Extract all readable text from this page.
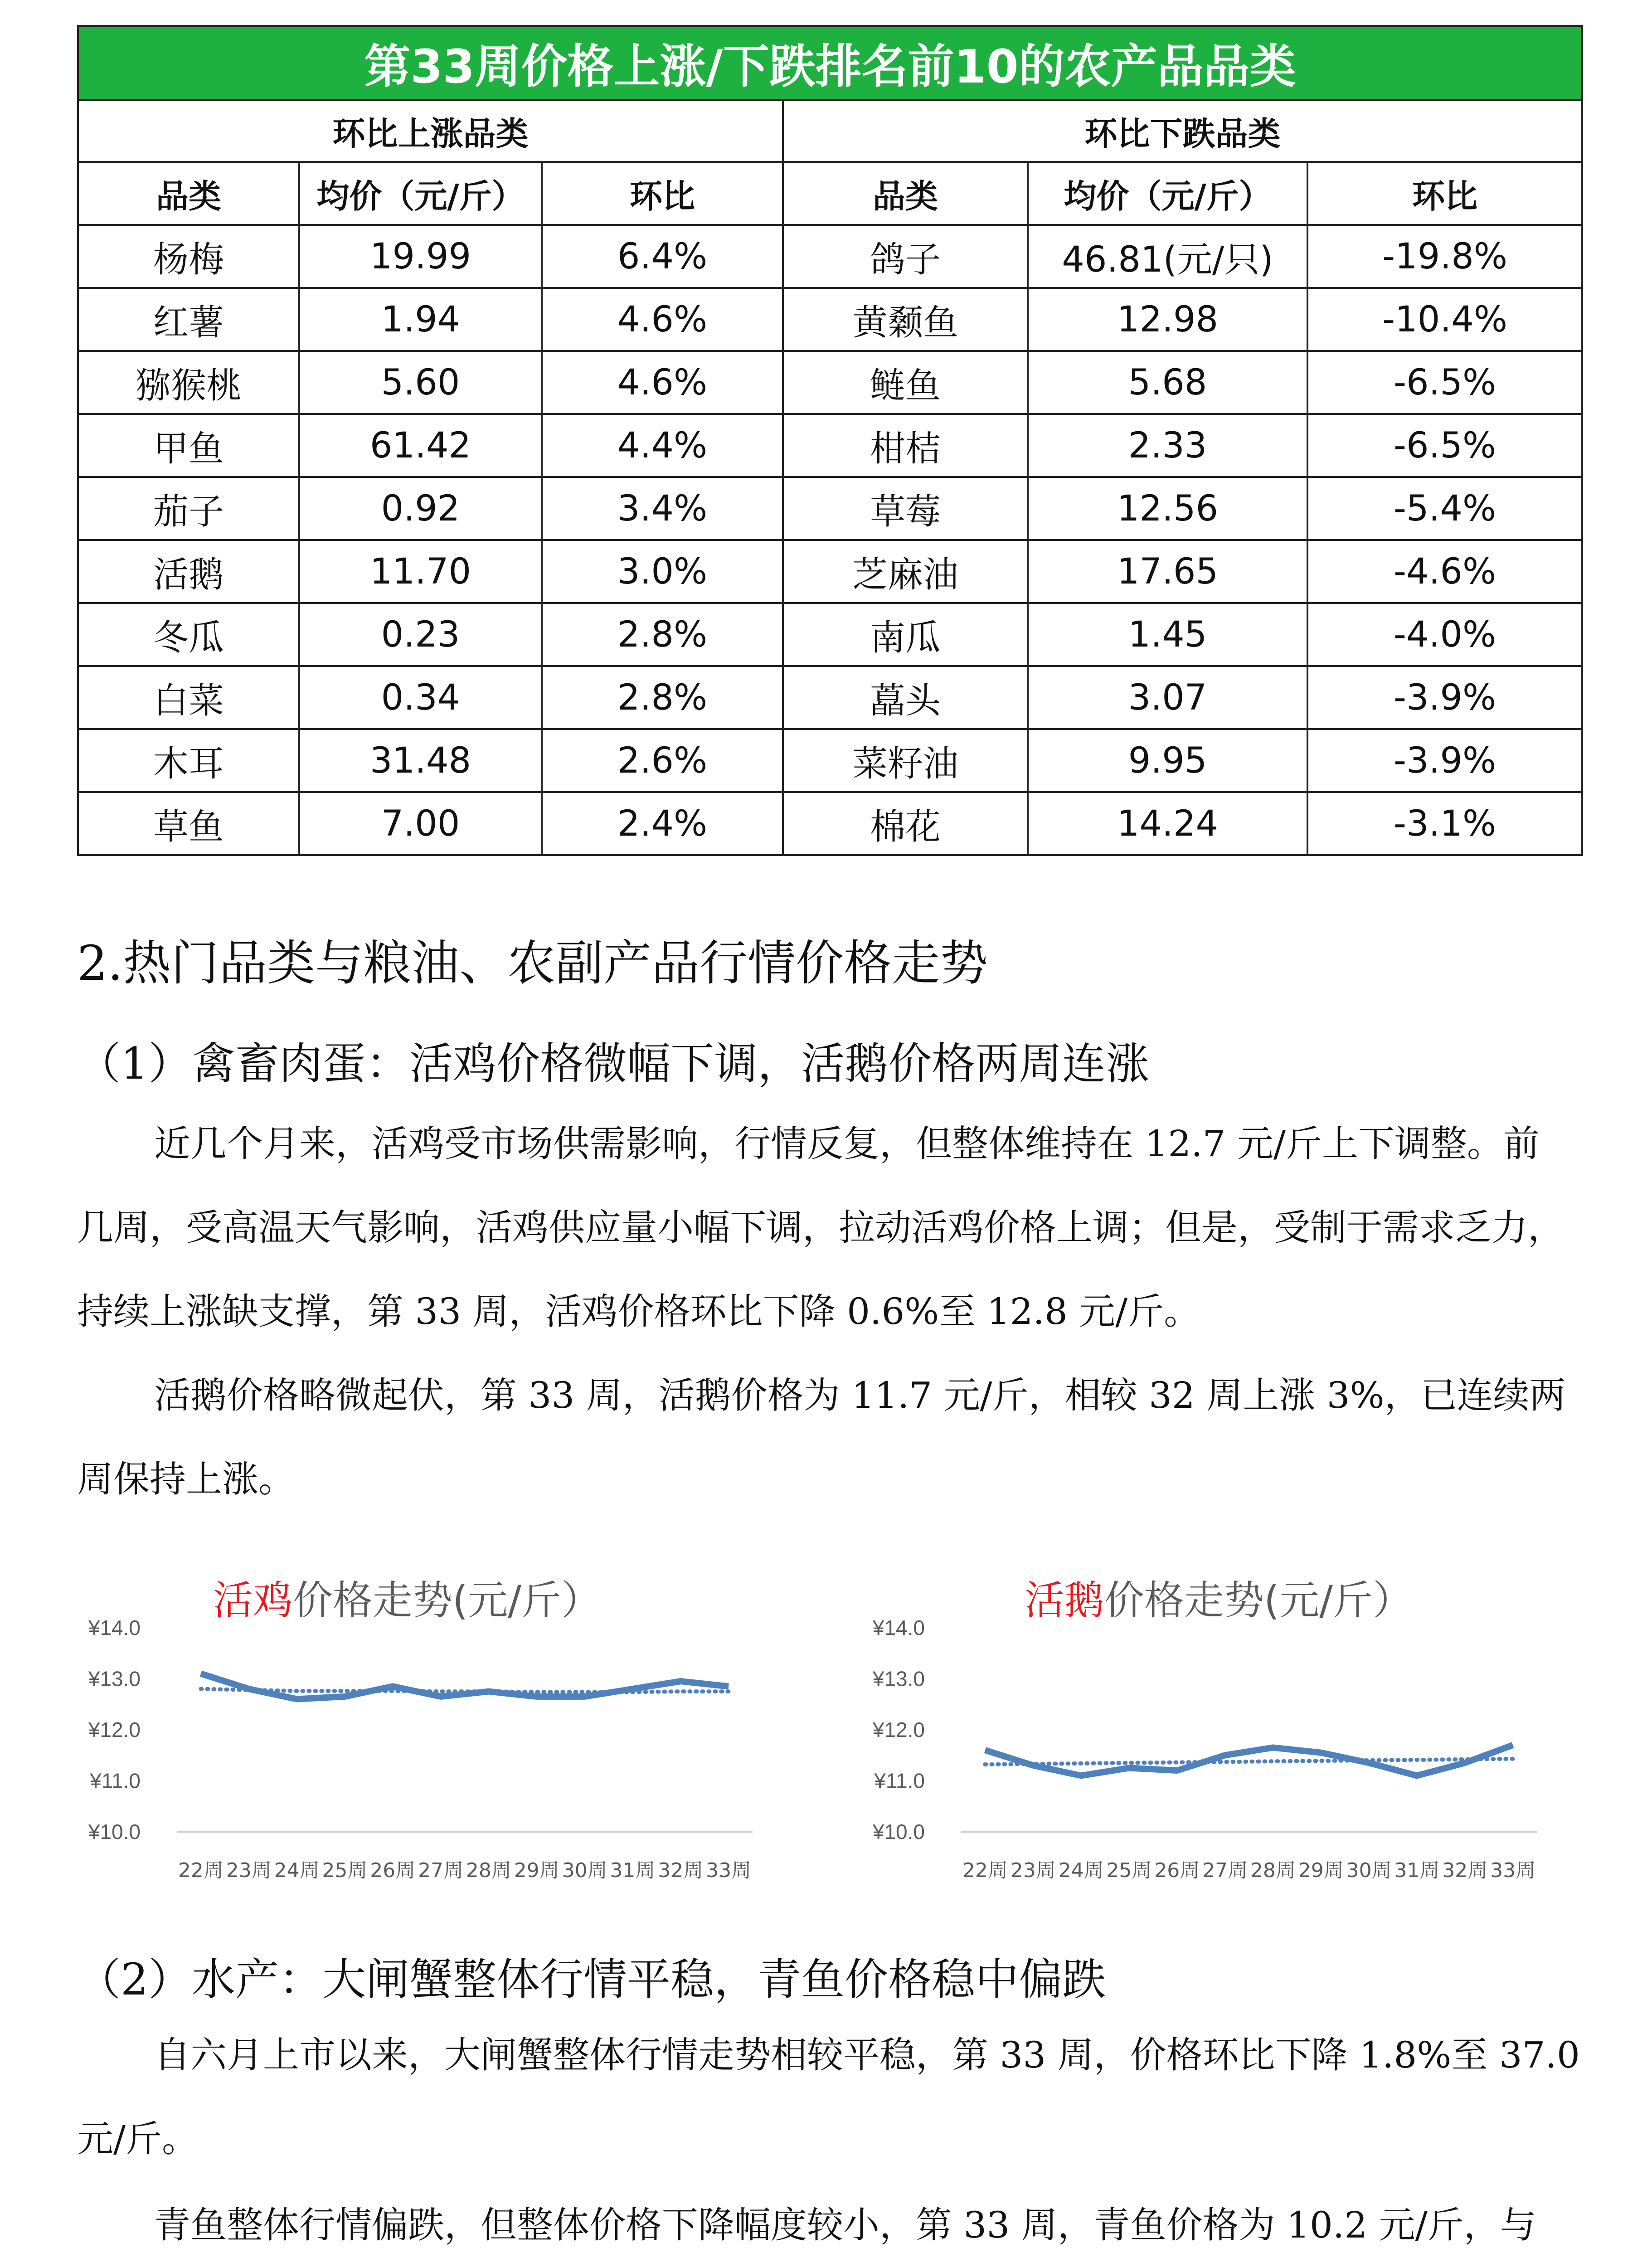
第33周价格上涨/下跌排名前10的农产品品类					
环比上涨品类			环比下跌品类		
品类	均价（元/斤）	环比	品类	均价（元/斤）	环比
杨梅	19.99	6.4%	鸽子	46.81(元/只)	-19.8%
红薯	1.94	4.6%	黄颡鱼	12.98	-10.4%
猕猴桃	5.60	4.6%	鲢鱼	5.68	-6.5%
甲鱼	61.42	4.4%	柑桔	2.33	-6.5%
茄子	0.92	3.4%	草莓	12.56	-5.4%
活鹅	11.70	3.0%	芝麻油	17.65	-4.6%
冬瓜	0.23	2.8%	南瓜	1.45	-4.0%
白菜	0.34	2.8%	藠头	3.07	-3.9%
木耳	31.48	2.6%	菜籽油	9.95	-3.9%
草鱼	7.00	2.4%	棉花	14.24	-3.1%

2.热门品类与粮油、农副产品行情价格走势

（1）禽畜肉蛋：活鸡价格微幅下调，活鹅价格两周连涨

近几个月来，活鸡受市场供需影响，行情反复，但整体维持在 12.7 元/斤上下调整。前
几周，受高温天气影响，活鸡供应量小幅下调，拉动活鸡价格上调；但是，受制于需求乏力，
持续上涨缺支撑，第 33 周，活鸡价格环比下降 0.6%至 12.8 元/斤。
活鹅价格略微起伏，第 33 周，活鹅价格为 11.7 元/斤，相较 32 周上涨 3%，已连续两
周保持上涨。

（2）水产：大闸蟹整体行情平稳，青鱼价格稳中偏跌

自六月上市以来，大闸蟹整体行情走势相较平稳，第 33 周，价格环比下降 1.8%至 37.0
元/斤。
青鱼整体行情偏跌，但整体价格下降幅度较小，第 33 周，青鱼价格为 10.2 元/斤，与
¥14.0
¥13.0
¥12.0
¥11.0
¥10.0
22周 23周 24周 25周 26周 27周 28周 29周 30周 31周 32周 33周
活鸡价格走势(元/斤）
¥14.0
¥13.0
¥12.0
¥11.0
¥10.0
22周 23周 24周 25周 26周 27周 28周 29周 30周 31周 32周 33周
活鹅价格走势(元/斤）
